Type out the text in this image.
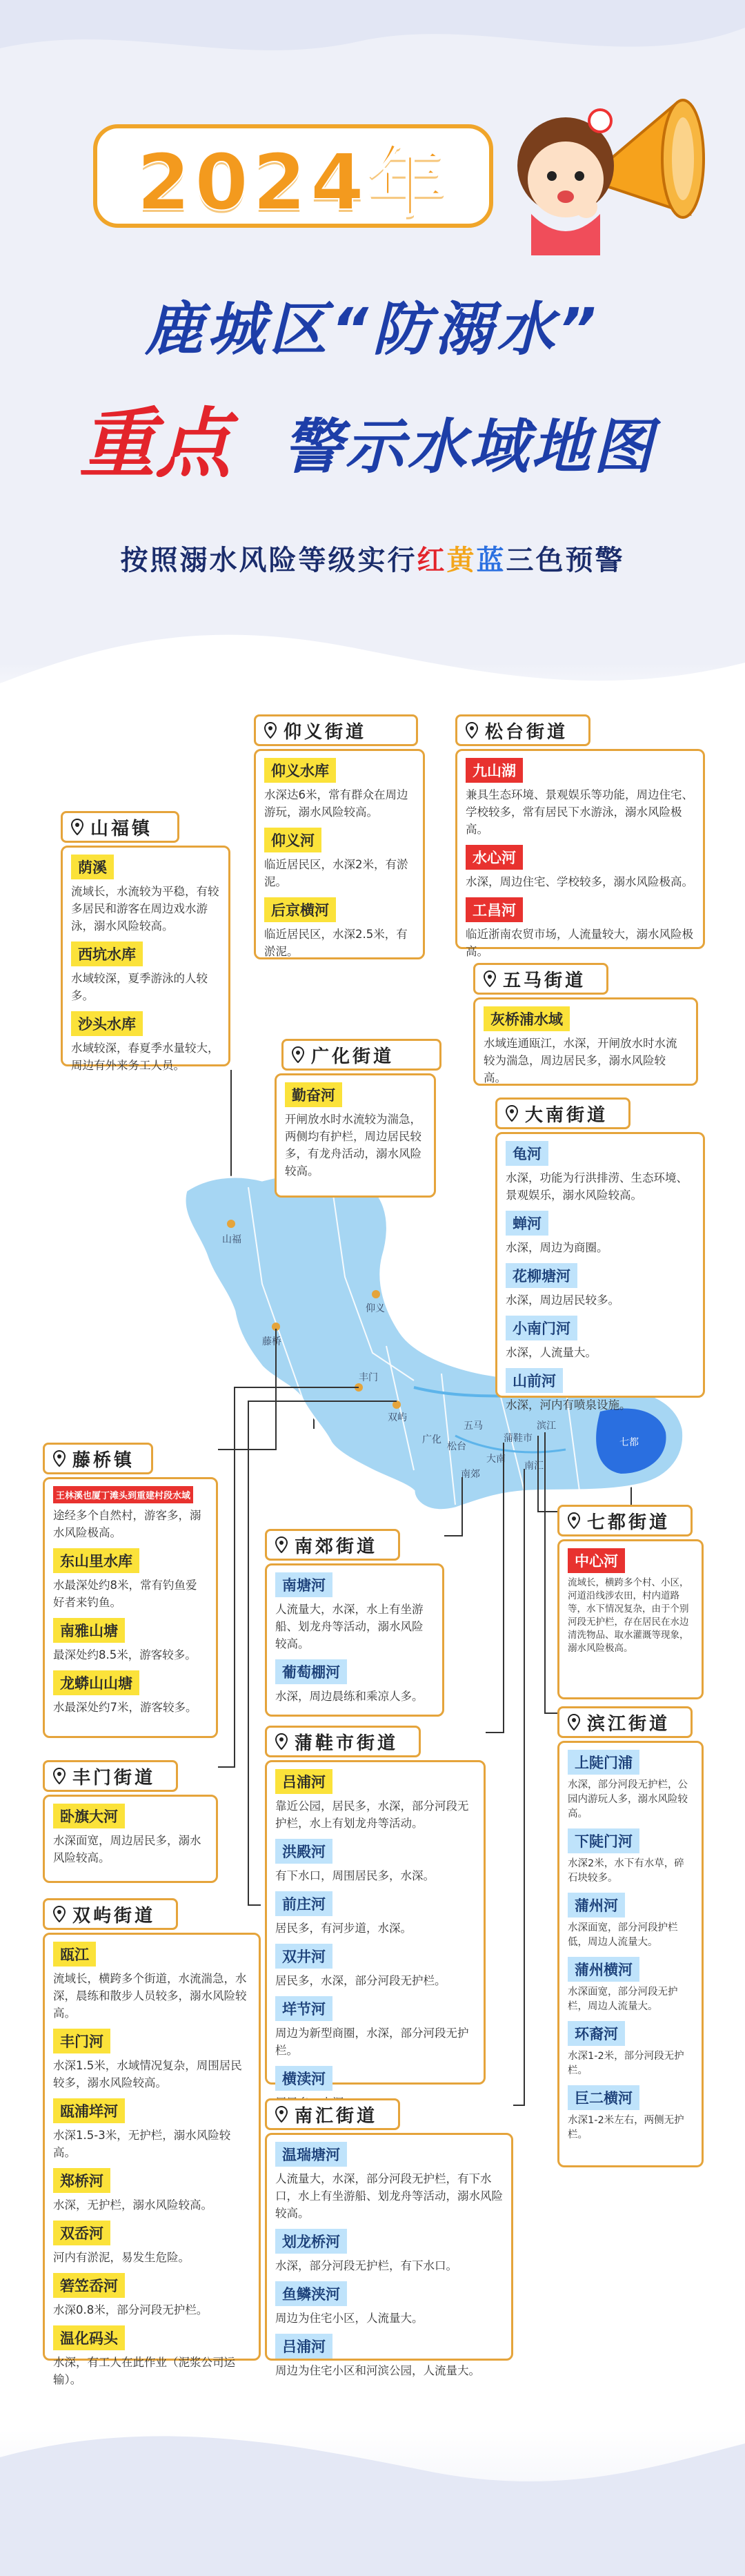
2024年
鹿城区“防溺水”
重点 警示水域地图
按照溺水风险等级实行红黄蓝三色预警
山福
藤桥
仰义
丰门
双屿
广化
松台
五马
南郊
滨江
蒲鞋市
南汇
大南
七都
山福镇
荫溪
流域长，水流较为平稳，有较多居民和游客在周边戏水游泳，溺水风险较高。
西坑水库
水域较深，夏季游泳的人较多。
沙头水库
水域较深，春夏季水量较大，周边有外来务工人员。
仰义街道
仰义水库
水深达6米，常有群众在周边游玩，溺水风险较高。
仰义河
临近居民区，水深2米，有淤泥。
后京横河
临近居民区，水深2.5米，有淤泥。
广化街道
勤奋河
开闸放水时水流较为湍急，两侧均有护栏，周边居民较多，有龙舟活动，溺水风险较高。
松台街道
九山湖
兼具生态环境、景观娱乐等功能，周边住宅、学校较多，常有居民下水游泳，溺水风险极高。
水心河
水深，周边住宅、学校较多，溺水风险极高。
工昌河
临近浙南农贸市场，人流量较大，溺水风险极高。
五马街道
灰桥浦水域
水域连通瓯江，水深，开闸放水时水流较为湍急，周边居民多，溺水风险较高。
大南街道
龟河
水深，功能为行洪排涝、生态环境、景观娱乐，溺水风险较高。
蝉河
水深，周边为商圈。
花柳塘河
水深，周边居民较多。
小南门河
水深，人流量大。
山前河
水深，河内有喷泉设施。
藤桥镇
王林溪也厦丁滩头到重建村段水域
途经多个自然村，游客多，溺水风险极高。
东山里水库
水最深处约8米，常有钓鱼爱好者来钓鱼。
南雅山塘
最深处约8.5米，游客较多。
龙蟒山山塘
水最深处约7米，游客较多。
丰门街道
卧旗大河
水深面宽，周边居民多，溺水风险较高。
双屿街道
瓯江
流域长，横跨多个街道，水流湍急，水深，晨练和散步人员较多，溺水风险较高。
丰门河
水深1.5米，水域情况复杂，周围居民较多，溺水风险较高。
瓯浦垟河
水深1.5-3米，无护栏，溺水风险较高。
郑桥河
水深，无护栏，溺水风险较高。
双岙河
河内有淤泥，易发生危险。
箬笠岙河
水深0.8米，部分河段无护栏。
温化码头
水深，有工人在此作业（泥浆公司运输）。
南郊街道
南塘河
人流量大，水深，水上有坐游船、划龙舟等活动，溺水风险较高。
葡萄棚河
水深，周边晨练和乘凉人多。
蒲鞋市街道
吕浦河
靠近公园，居民多，水深，部分河段无护栏，水上有划龙舟等活动。
洪殿河
有下水口，周围居民多，水深。
前庄河
居民多，有河步道，水深。
双井河
居民多，水深，部分河段无护栏。
垟节河
周边为新型商圈，水深，部分河段无护栏。
横渎河
南汇街道
温瑞塘河
人流量大，水深，部分河段无护栏，有下水口，水上有坐游船、划龙舟等活动，溺水风险较高。
划龙桥河
水深，部分河段无护栏，有下水口。
鱼鳞浃河
周边为住宅小区，人流量大。
吕浦河
周边为住宅小区和河滨公园，人流量大。
七都街道
中心河
流域长，横跨多个村、小区，河道沿线涉农田，村内道路等，水下情况复杂，由于个别河段无护栏，存在居民在水边清洗物品、取水灌溉等现象，溺水风险极高。
滨江街道
上陡门浦
水深，部分河段无护栏，公园内游玩人多，溺水风险较高。
下陡门河
水深2米，水下有水草，碎石块较多。
蒲州河
水深面宽，部分河段护栏低，周边人流量大。
蒲州横河
水深面宽，部分河段无护栏，周边人流量大。
环裔河
水深1-2米，部分河段无护栏。
巨二横河
水深1-2米左右，两侧无护栏。
